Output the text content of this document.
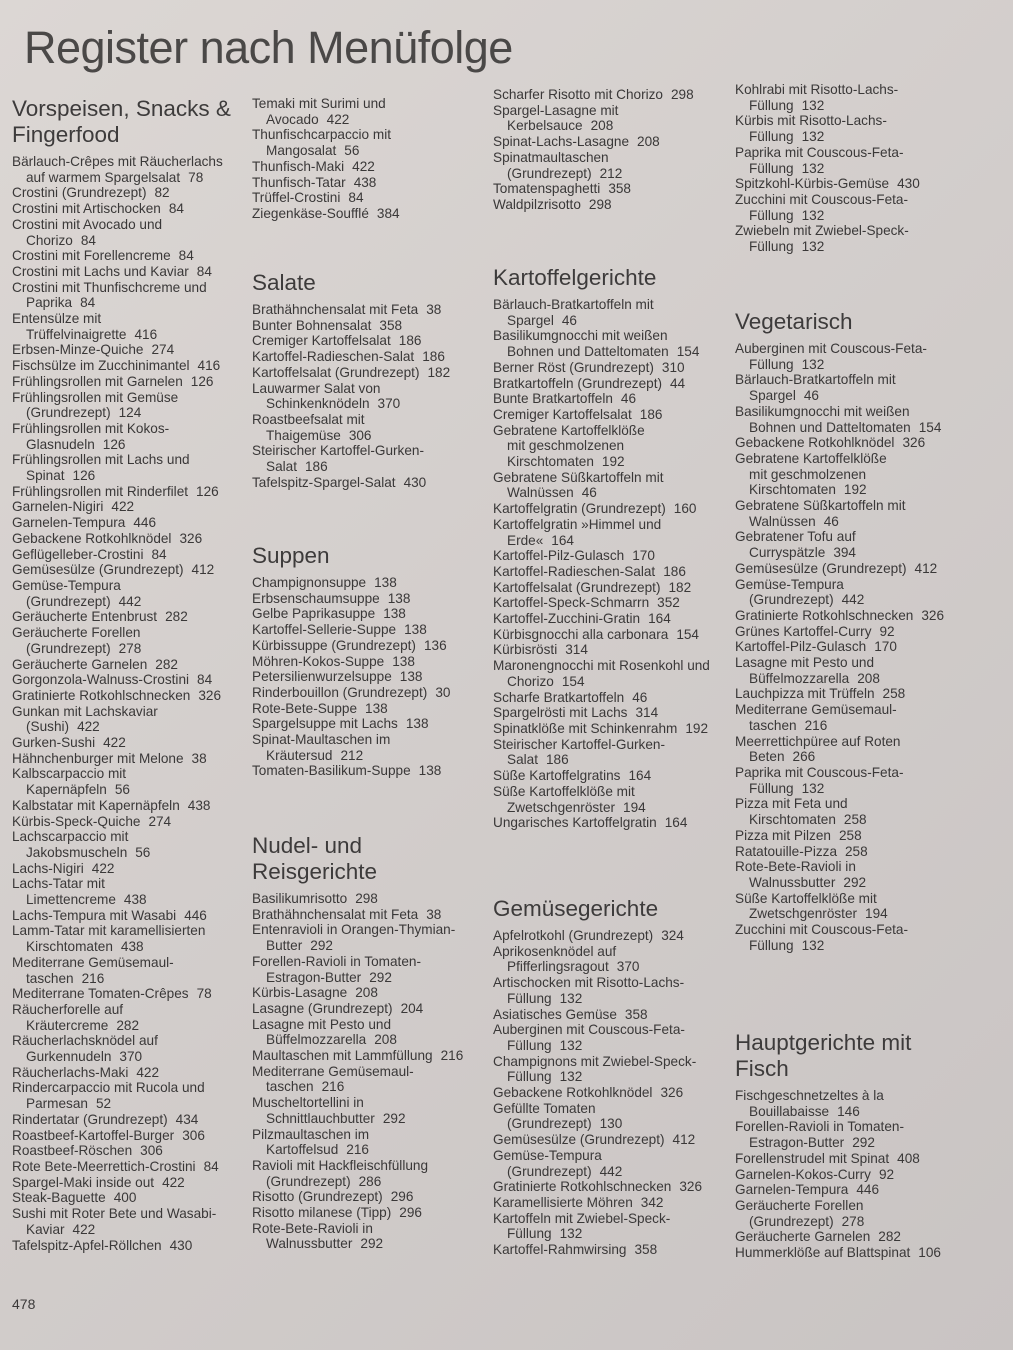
Register nach Menüfolge
Vorspeisen, Snacks & Fingerfood
Bärlauch-Crêpes mit Räucherlachs
auf warmem Spargelsalat 78
Crostini (Grundrezept) 82
Crostini mit Artischocken 84
Crostini mit Avocado und
Chorizo 84
Crostini mit Forellencreme 84
Crostini mit Lachs und Kaviar 84
Crostini mit Thunfischcreme und
Paprika 84
Entensülze mit
Trüffelvinaigrette 416
Erbsen-Minze-Quiche 274
Fischsülze im Zucchinimantel 416
Frühlingsrollen mit Garnelen 126
Frühlingsrollen mit Gemüse
(Grundrezept) 124
Frühlingsrollen mit Kokos-
Glasnudeln 126
Frühlingsrollen mit Lachs und
Spinat 126
Frühlingsrollen mit Rinderfilet 126
Garnelen-Nigiri 422
Garnelen-Tempura 446
Gebackene Rotkohlknödel 326
Geflügelleber-Crostini 84
Gemüsesülze (Grundrezept) 412
Gemüse-Tempura
(Grundrezept) 442
Geräucherte Entenbrust 282
Geräucherte Forellen
(Grundrezept) 278
Geräucherte Garnelen 282
Gorgonzola-Walnuss-Crostini 84
Gratinierte Rotkohlschnecken 326
Gunkan mit Lachskaviar
(Sushi) 422
Gurken-Sushi 422
Hähnchenburger mit Melone 38
Kalbscarpaccio mit
Kapernäpfeln 56
Kalbstatar mit Kapernäpfeln 438
Kürbis-Speck-Quiche 274
Lachscarpaccio mit
Jakobsmuscheln 56
Lachs-Nigiri 422
Lachs-Tatar mit
Limettencreme 438
Lachs-Tempura mit Wasabi 446
Lamm-Tatar mit karamellisierten
Kirschtomaten 438
Mediterrane Gemüsemaul-
taschen 216
Mediterrane Tomaten-Crêpes 78
Räucherforelle auf
Kräutercreme 282
Räucherlachsknödel auf
Gurkennudeln 370
Räucherlachs-Maki 422
Rindercarpaccio mit Rucola und
Parmesan 52
Rindertatar (Grundrezept) 434
Roastbeef-Kartoffel-Burger 306
Roastbeef-Röschen 306
Rote Bete-Meerrettich-Crostini 84
Spargel-Maki inside out 422
Steak-Baguette 400
Sushi mit Roter Bete und Wasabi-
Kaviar 422
Tafelspitz-Apfel-Röllchen 430
Temaki mit Surimi und
Avocado 422
Thunfischcarpaccio mit
Mangosalat 56
Thunfisch-Maki 422
Thunfisch-Tatar 438
Trüffel-Crostini 84
Ziegenkäse-Soufflé 384
Salate
Brathähnchensalat mit Feta 38
Bunter Bohnensalat 358
Cremiger Kartoffelsalat 186
Kartoffel-Radieschen-Salat 186
Kartoffelsalat (Grundrezept) 182
Lauwarmer Salat von
Schinkenknödeln 370
Roastbeefsalat mit
Thaigemüse 306
Steirischer Kartoffel-Gurken-
Salat 186
Tafelspitz-Spargel-Salat 430
Suppen
Champignonsuppe 138
Erbsenschaumsuppe 138
Gelbe Paprikasuppe 138
Kartoffel-Sellerie-Suppe 138
Kürbissuppe (Grundrezept) 136
Möhren-Kokos-Suppe 138
Petersilienwurzelsuppe 138
Rinderbouillon (Grundrezept) 30
Rote-Bete-Suppe 138
Spargelsuppe mit Lachs 138
Spinat-Maultaschen im
Kräutersud 212
Tomaten-Basilikum-Suppe 138
Nudel- und Reisgerichte
Basilikumrisotto 298
Brathähnchensalat mit Feta 38
Entenravioli in Orangen-Thymian-
Butter 292
Forellen-Ravioli in Tomaten-
Estragon-Butter 292
Kürbis-Lasagne 208
Lasagne (Grundrezept) 204
Lasagne mit Pesto und
Büffelmozzarella 208
Maultaschen mit Lammfüllung 216
Mediterrane Gemüsemaul-
taschen 216
Muscheltortellini in
Schnittlauchbutter 292
Pilzmaultaschen im
Kartoffelsud 216
Ravioli mit Hackfleischfüllung
(Grundrezept) 286
Risotto (Grundrezept) 296
Risotto milanese (Tipp) 296
Rote-Bete-Ravioli in
Walnussbutter 292
Scharfer Risotto mit Chorizo 298
Spargel-Lasagne mit
Kerbelsauce 208
Spinat-Lachs-Lasagne 208
Spinatmaultaschen
(Grundrezept) 212
Tomatenspaghetti 358
Waldpilzrisotto 298
Kartoffelgerichte
Bärlauch-Bratkartoffeln mit
Spargel 46
Basilikumgnocchi mit weißen
Bohnen und Datteltomaten 154
Berner Röst (Grundrezept) 310
Bratkartoffeln (Grundrezept) 44
Bunte Bratkartoffeln 46
Cremiger Kartoffelsalat 186
Gebratene Kartoffelklöße
mit geschmolzenen
Kirschtomaten 192
Gebratene Süßkartoffeln mit
Walnüssen 46
Kartoffelgratin (Grundrezept) 160
Kartoffelgratin »Himmel und
Erde« 164
Kartoffel-Pilz-Gulasch 170
Kartoffel-Radieschen-Salat 186
Kartoffelsalat (Grundrezept) 182
Kartoffel-Speck-Schmarrn 352
Kartoffel-Zucchini-Gratin 164
Kürbisgnocchi alla carbonara 154
Kürbisrösti 314
Maronengnocchi mit Rosenkohl und
Chorizo 154
Scharfe Bratkartoffeln 46
Spargelrösti mit Lachs 314
Spinatklöße mit Schinkenrahm 192
Steirischer Kartoffel-Gurken-
Salat 186
Süße Kartoffelgratins 164
Süße Kartoffelklöße mit
Zwetschgenröster 194
Ungarisches Kartoffelgratin 164
Gemüsegerichte
Apfelrotkohl (Grundrezept) 324
Aprikosenknödel auf
Pfifferlingsragout 370
Artischocken mit Risotto-Lachs-
Füllung 132
Asiatisches Gemüse 358
Auberginen mit Couscous-Feta-
Füllung 132
Champignons mit Zwiebel-Speck-
Füllung 132
Gebackene Rotkohlknödel 326
Gefüllte Tomaten
(Grundrezept) 130
Gemüsesülze (Grundrezept) 412
Gemüse-Tempura
(Grundrezept) 442
Gratinierte Rotkohlschnecken 326
Karamellisierte Möhren 342
Kartoffeln mit Zwiebel-Speck-
Füllung 132
Kartoffel-Rahmwirsing 358
Kohlrabi mit Risotto-Lachs-
Füllung 132
Kürbis mit Risotto-Lachs-
Füllung 132
Paprika mit Couscous-Feta-
Füllung 132
Spitzkohl-Kürbis-Gemüse 430
Zucchini mit Couscous-Feta-
Füllung 132
Zwiebeln mit Zwiebel-Speck-
Füllung 132
Vegetarisch
Auberginen mit Couscous-Feta-
Füllung 132
Bärlauch-Bratkartoffeln mit
Spargel 46
Basilikumgnocchi mit weißen
Bohnen und Datteltomaten 154
Gebackene Rotkohlknödel 326
Gebratene Kartoffelklöße
mit geschmolzenen
Kirschtomaten 192
Gebratene Süßkartoffeln mit
Walnüssen 46
Gebratener Tofu auf
Curryspätzle 394
Gemüsesülze (Grundrezept) 412
Gemüse-Tempura
(Grundrezept) 442
Gratinierte Rotkohlschnecken 326
Grünes Kartoffel-Curry 92
Kartoffel-Pilz-Gulasch 170
Lasagne mit Pesto und
Büffelmozzarella 208
Lauchpizza mit Trüffeln 258
Mediterrane Gemüsemaul-
taschen 216
Meerrettichpüree auf Roten
Beten 266
Paprika mit Couscous-Feta-
Füllung 132
Pizza mit Feta und
Kirschtomaten 258
Pizza mit Pilzen 258
Ratatouille-Pizza 258
Rote-Bete-Ravioli in
Walnussbutter 292
Süße Kartoffelklöße mit
Zwetschgenröster 194
Zucchini mit Couscous-Feta-
Füllung 132
Hauptgerichte mit Fisch
Fischgeschnetzeltes à la
Bouillabaisse 146
Forellen-Ravioli in Tomaten-
Estragon-Butter 292
Forellenstrudel mit Spinat 408
Garnelen-Kokos-Curry 92
Garnelen-Tempura 446
Geräucherte Forellen
(Grundrezept) 278
Geräucherte Garnelen 282
Hummerklöße auf Blattspinat 106
478
